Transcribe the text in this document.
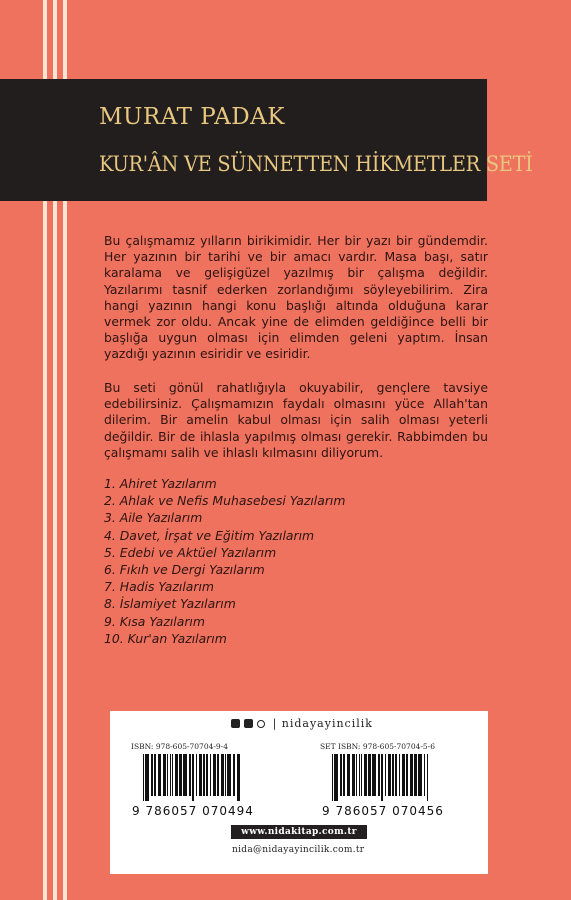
MURAT PADAK
KUR'ÂN VE SÜNNETTEN HİKMETLER SETİ

Bu çalışmamız yılların birikimidir. Her bir yazı bir gündemdir. Her yazının bir tarihi ve bir amacı vardır. Masa başı, satır karalama ve gelişigüzel yazılmış bir çalışma değildir. Yazılarımı tasnif ederken zorlandığımı söyleyebilirim. Zira hangi yazının hangi konu başlığı altında olduğuna karar vermek zor oldu. Ancak yine de elimden geldiğince belli bir başlığa uygun olması için elimden geleni yaptım. İnsan yazdığı yazının esiridir ve esiridir.

Bu seti gönül rahatlığıyla okuyabilir, gençlere tavsiye edebilirsiniz. Çalışmamızın faydalı olmasını yüce Allah'tan dilerim. Bir amelin kabul olması için salih olması yeterli değildir. Bir de ihlasla yapılmış olması gerekir. Rabbimden bu çalışmamı salih ve ihlaslı kılmasını diliyorum.

1. Ahiret Yazılarım
2. Ahlak ve Nefis Muhasebesi Yazılarım
3. Aile Yazılarım
4. Davet, İrşat ve Eğitim Yazılarım
5. Edebi ve Aktüel Yazılarım
6. Fıkıh ve Dergi Yazılarım
7. Hadis Yazılarım
8. İslamiyet Yazılarım
9. Kısa Yazılarım
10. Kur'an Yazılarım
| nidayayincilik
ISBN: 978-605-70704-9-4	SET ISBN: 978-605-70704-5-6
9 786057 070494	9 786057 070456
www.nidakitap.com.tr
nida@nidayayincilik.com.tr
